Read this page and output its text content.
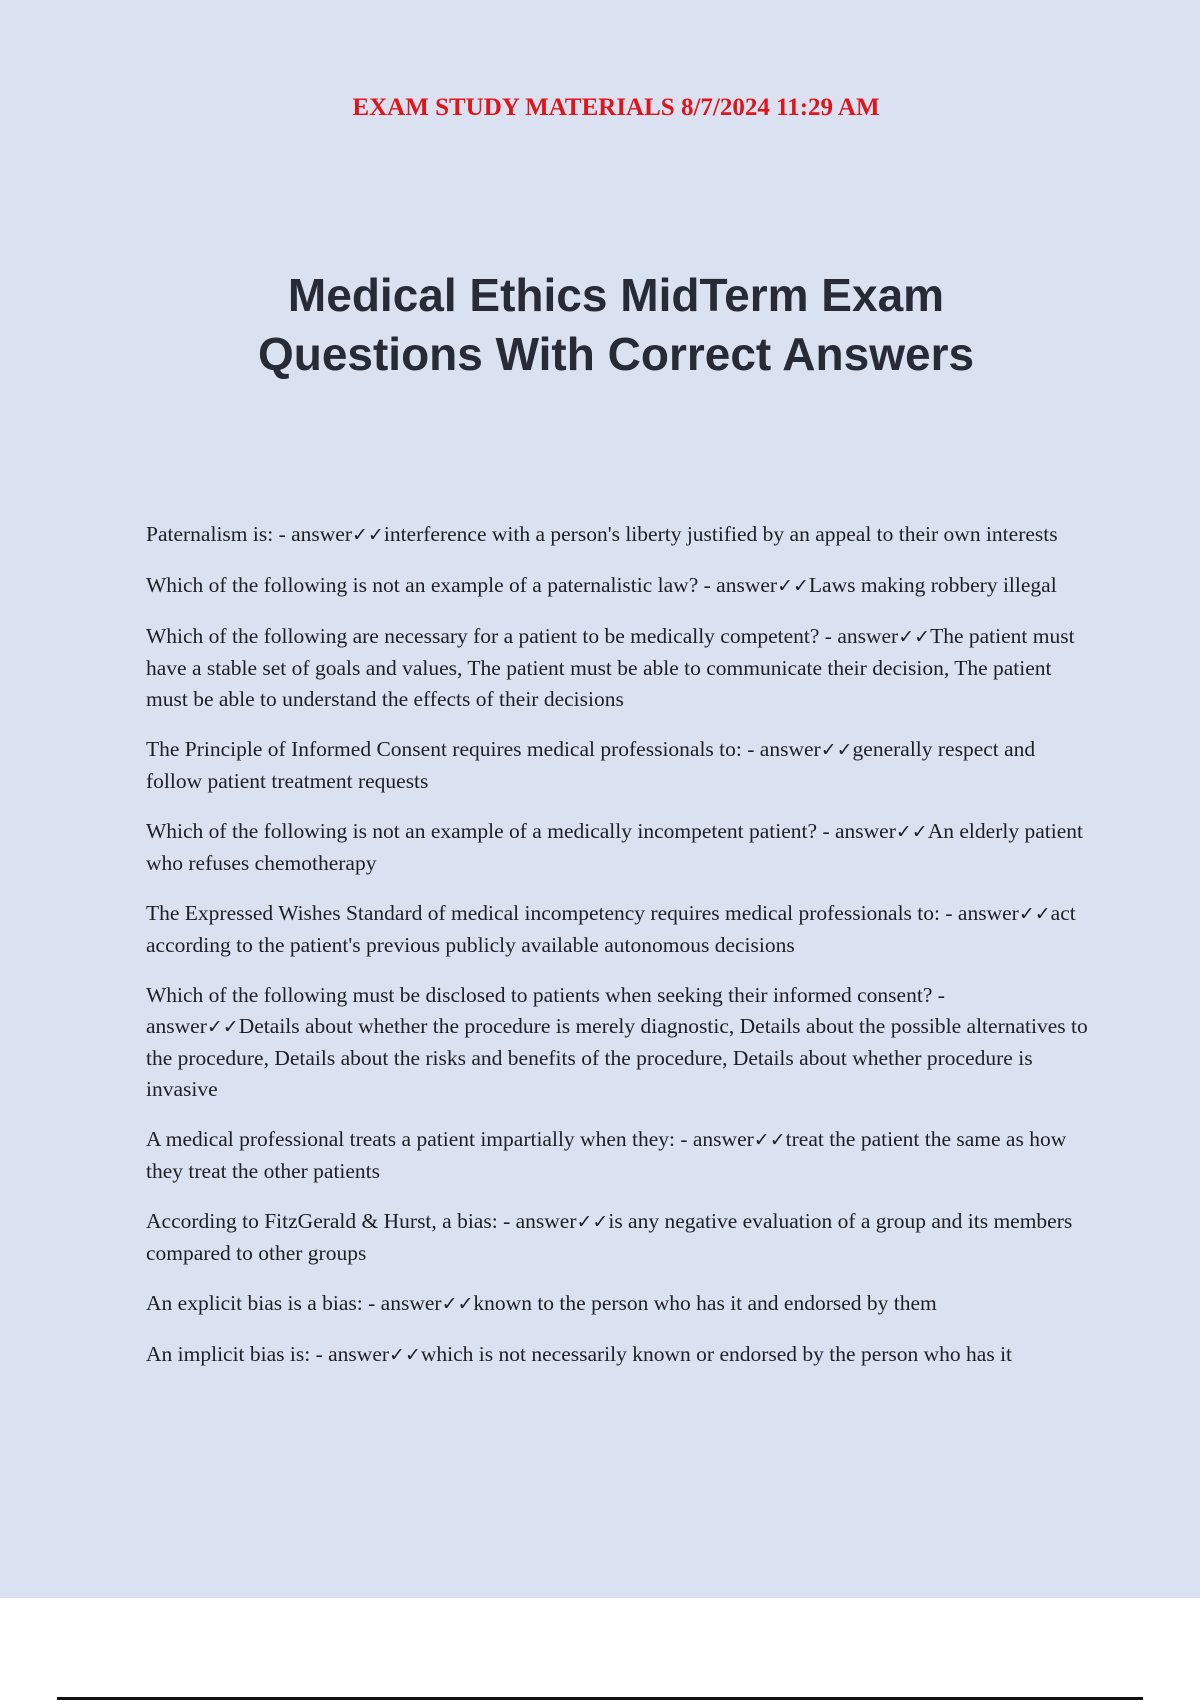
EXAM STUDY MATERIALS 8/7/2024 11:29 AM
Medical Ethics MidTerm Exam
Questions With Correct Answers

Paternalism is: - answer✓✓interference with a person's liberty justified by an appeal to their own interests

Which of the following is not an example of a paternalistic law? - answer✓✓Laws making robbery illegal

Which of the following are necessary for a patient to be medically competent? - answer✓✓The patient must have a stable set of goals and values, The patient must be able to communicate their decision, The patient must be able to understand the effects of their decisions

The Principle of Informed Consent requires medical professionals to: - answer✓✓generally respect and follow patient treatment requests

Which of the following is not an example of a medically incompetent patient? - answer✓✓An elderly patient who refuses chemotherapy

The Expressed Wishes Standard of medical incompetency requires medical professionals to: - answer✓✓act according to the patient's previous publicly available autonomous decisions

Which of the following must be disclosed to patients when seeking their informed consent? - answer✓✓Details about whether the procedure is merely diagnostic, Details about the possible alternatives to the procedure, Details about the risks and benefits of the procedure, Details about whether procedure is invasive

A medical professional treats a patient impartially when they: - answer✓✓treat the patient the same as how they treat the other patients

According to FitzGerald & Hurst, a bias: - answer✓✓is any negative evaluation of a group and its members compared to other groups

An explicit bias is a bias: - answer✓✓known to the person who has it and endorsed by them

An implicit bias is: - answer✓✓which is not necessarily known or endorsed by the person who has it
